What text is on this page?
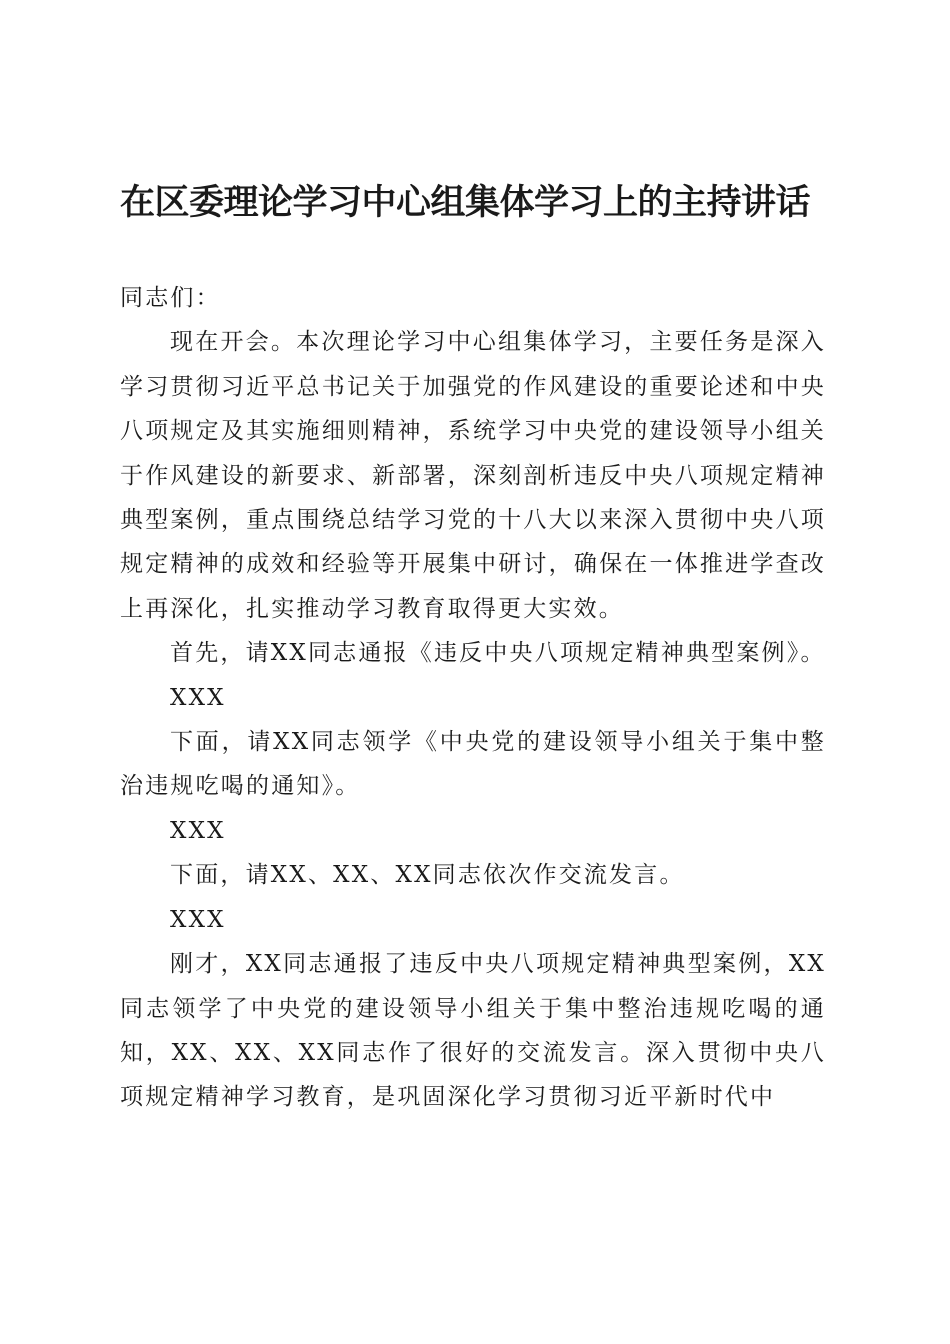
在区委理论学习中心组集体学习上的主持讲话

同志们：

现在开会。本次理论学习中心组集体学习，主要任务是深入学习贯彻习近平总书记关于加强党的作风建设的重要论述和中央八项规定及其实施细则精神，系统学习中央党的建设领导小组关于作风建设的新要求、新部署，深刻剖析违反中央八项规定精神典型案例，重点围绕总结学习党的十八大以来深入贯彻中央八项规定精神的成效和经验等开展集中研讨，确保在一体推进学查改上再深化，扎实推动学习教育取得更大实效。

首先，请XX同志通报《违反中央八项规定精神典型案例》。

XXX

下面，请XX同志领学《中央党的建设领导小组关于集中整治违规吃喝的通知》。

XXX

下面，请XX、XX、XX同志依次作交流发言。

XXX

刚才，XX同志通报了违反中央八项规定精神典型案例，XX同志领学了中央党的建设领导小组关于集中整治违规吃喝的通知，XX、XX、XX同志作了很好的交流发言。深入贯彻中央八项规定精神学习教育，是巩固深化学习贯彻习近平新时代中
